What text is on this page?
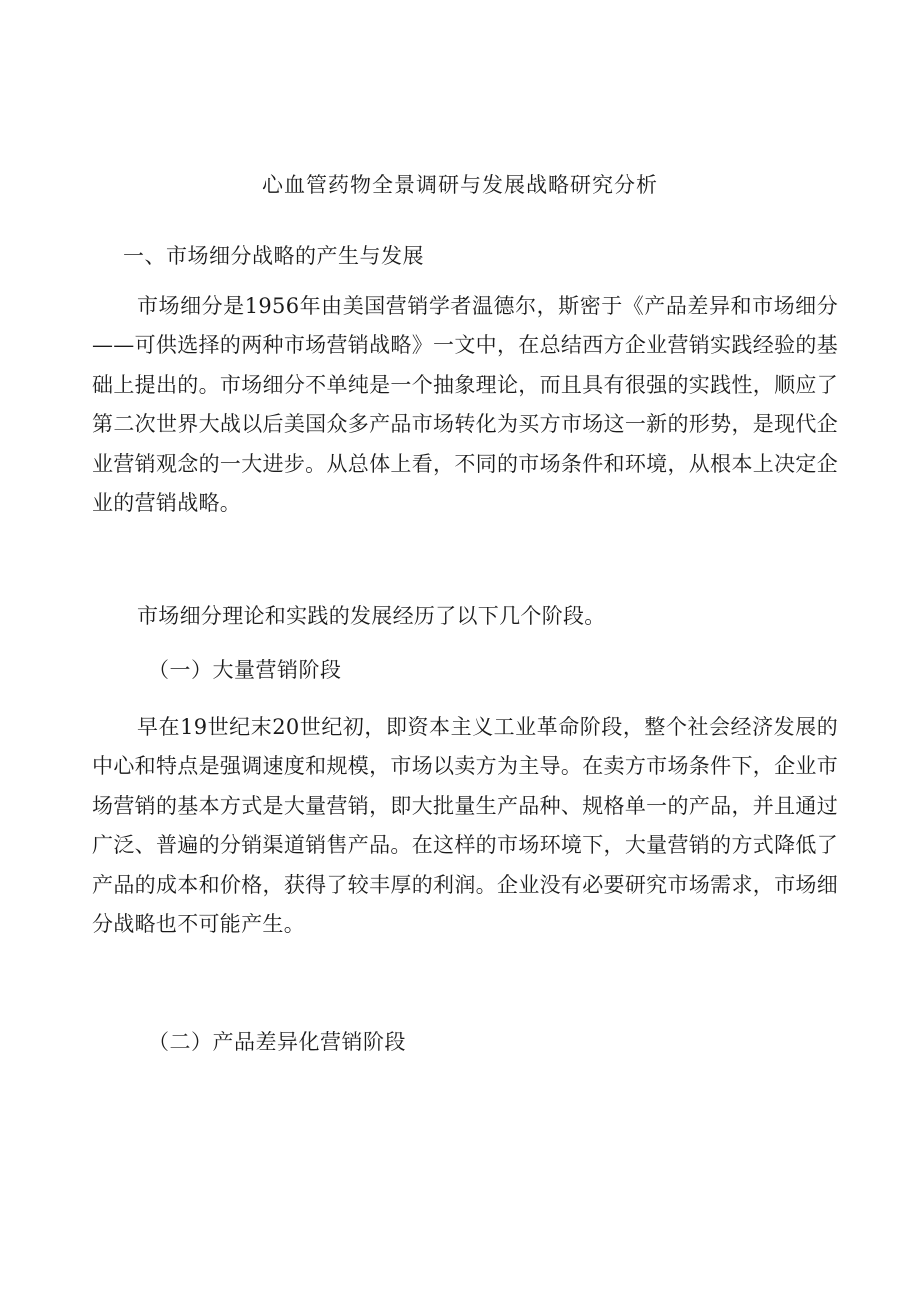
心血管药物全景调研与发展战略研究分析
一、市场细分战略的产生与发展
市场细分是1956年由美国营销学者温德尔，斯密于《产品差异和市场细分——可供选择的两种市场营销战略》一文中，在总结西方企业营销实践经验的基础上提出的。市场细分不单纯是一个抽象理论，而且具有很强的实践性，顺应了第二次世界大战以后美国众多产品市场转化为买方市场这一新的形势，是现代企业营销观念的一大进步。从总体上看，不同的市场条件和环境，从根本上决定企业的营销战略。
市场细分理论和实践的发展经历了以下几个阶段。
（一）大量营销阶段
早在19世纪末20世纪初，即资本主义工业革命阶段，整个社会经济发展的中心和特点是强调速度和规模，市场以卖方为主导。在卖方市场条件下，企业市场营销的基本方式是大量营销，即大批量生产品种、规格单一的产品，并且通过广泛、普遍的分销渠道销售产品。在这样的市场环境下，大量营销的方式降低了产品的成本和价格，获得了较丰厚的利润。企业没有必要研究市场需求，市场细分战略也不可能产生。
（二）产品差异化营销阶段
